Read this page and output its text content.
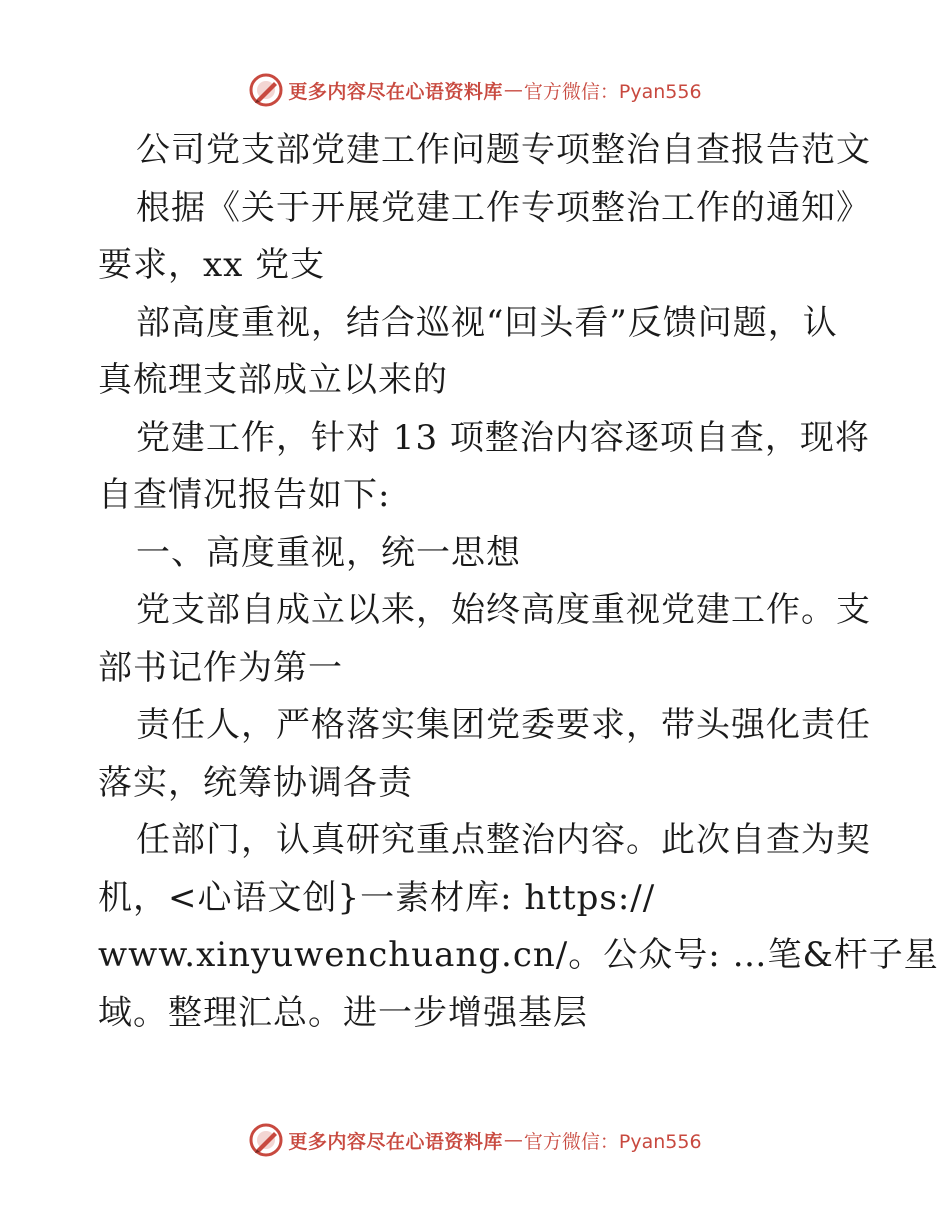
更多内容尽在心语资料库 — 官方微信：Pyan556
公司党支部党建工作问题专项整治自查报告范文
根据《关于开展党建工作专项整治工作的通知》
要求，xx 党支
部高度重视，结合巡视“回头看”反馈问题，认
真梳理支部成立以来的
党建工作，针对 13 项整治内容逐项自查，现将
自查情况报告如下:
一、高度重视，统一思想
党支部自成立以来，始终高度重视党建工作。支
部书记作为第一
责任人，严格落实集团党委要求，带头强化责任
落实，统筹协调各责
任部门，认真研究重点整治内容。此次自查为契
机，<心语文创}一素材库: https://
www.xinyuwenchuang.cn/。公众号: …笔&杆子星
域。整理汇总。进一步增强基层
更多内容尽在心语资料库 — 官方微信：Pyan556
